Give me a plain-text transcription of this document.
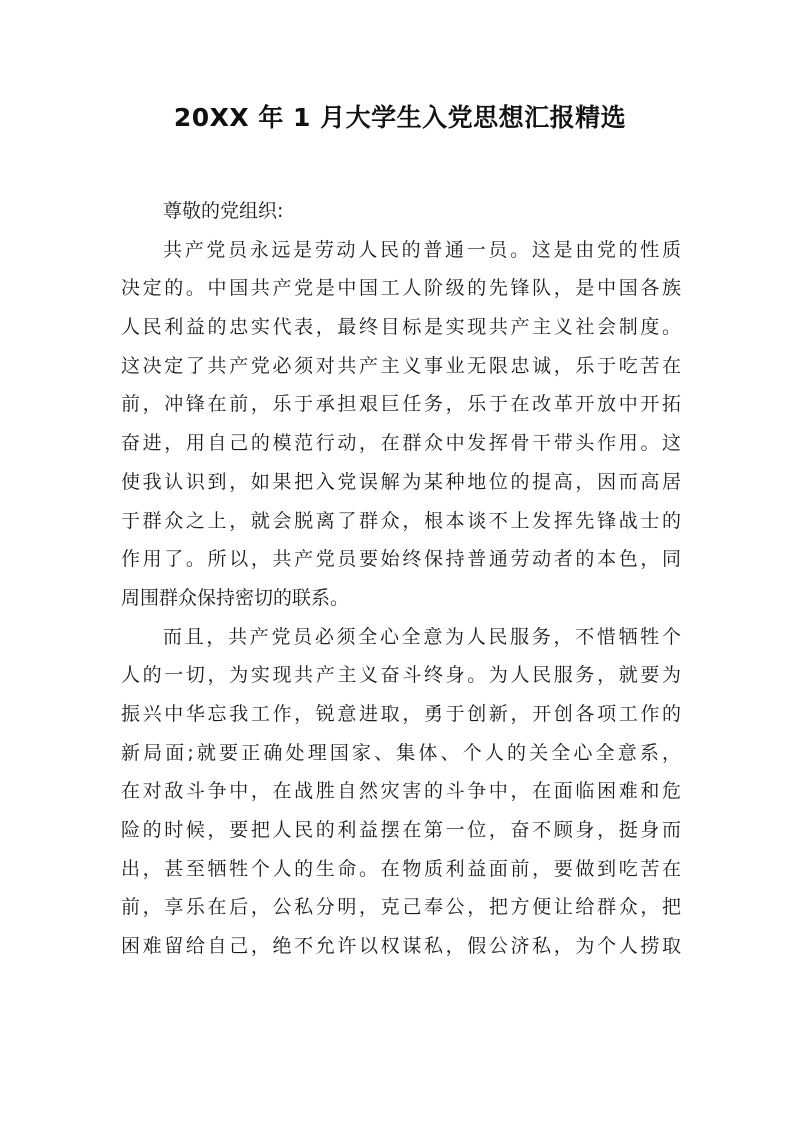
20XX 年 1 月大学生入党思想汇报精选
尊敬的党组织:
共产党员永远是劳动人民的普通一员。这是由党的性质
决定的。中国共产党是中国工人阶级的先锋队，是中国各族
人民利益的忠实代表，最终目标是实现共产主义社会制度。
这决定了共产党必须对共产主义事业无限忠诚，乐于吃苦在
前，冲锋在前，乐于承担艰巨任务，乐于在改革开放中开拓
奋进，用自己的模范行动，在群众中发挥骨干带头作用。这
使我认识到，如果把入党误解为某种地位的提高，因而高居
于群众之上，就会脱离了群众，根本谈不上发挥先锋战士的
作用了。所以，共产党员要始终保持普通劳动者的本色，同
周围群众保持密切的联系。
而且，共产党员必须全心全意为人民服务，不惜牺牲个
人的一切，为实现共产主义奋斗终身。为人民服务，就要为
振兴中华忘我工作，锐意进取，勇于创新，开创各项工作的
新局面;就要正确处理国家、集体、个人的关全心全意系，
在对敌斗争中，在战胜自然灾害的斗争中，在面临困难和危
险的时候，要把人民的利益摆在第一位，奋不顾身，挺身而
出，甚至牺牲个人的生命。在物质利益面前，要做到吃苦在
前，享乐在后，公私分明，克己奉公，把方便让给群众，把
困难留给自己，绝不允许以权谋私，假公济私，为个人捞取
